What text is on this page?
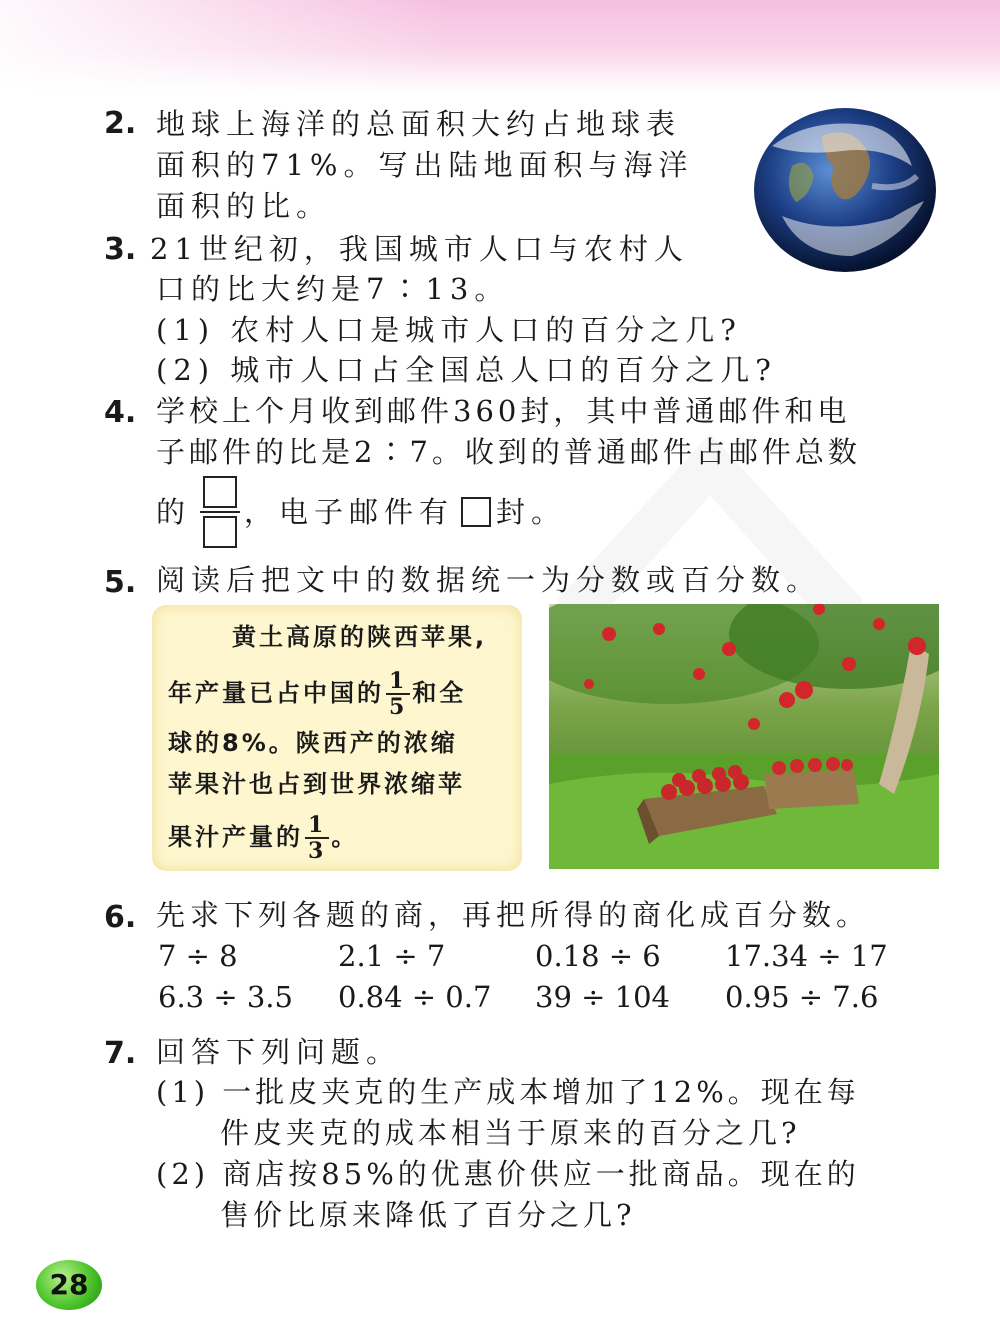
2. 地球上海洋的总面积大约占地球表
面积的71%。写出陆地面积与海洋
面积的比。
3. 21世纪初，我国城市人口与农村人
口的比大约是7∶13。
(1) 农村人口是城市人口的百分之几?
(2) 城市人口占全国总人口的百分之几?
4. 学校上个月收到邮件360封，其中普通邮件和电
子邮件的比是2∶7。收到的普通邮件占邮件总数
的 ，电子邮件有 封。
5. 阅读后把文中的数据统一为分数或百分数。
黄土高原的陕西苹果,
年产量已占中国的 $\frac{1}{5}$ 和全
球的8%。陕西产的浓缩
苹果汁也占到世界浓缩苹
果汁产量的 $\frac{1}{3}$ 。
6. 先求下列各题的商，再把所得的商化成百分数。
7 ÷ 8	2.1 ÷ 7	0.18 ÷ 6 17.34 ÷ 17
6.3 ÷ 3.5 0.84 ÷ 0.7 39 ÷ 104 0.95 ÷ 7.6
7. 回答下列问题。
(1) 一批皮夹克的生产成本增加了12%。现在每
件皮夹克的成本相当于原来的百分之几?
(2) 商店按85%的优惠价供应一批商品。现在的
售价比原来降低了百分之几?
28
